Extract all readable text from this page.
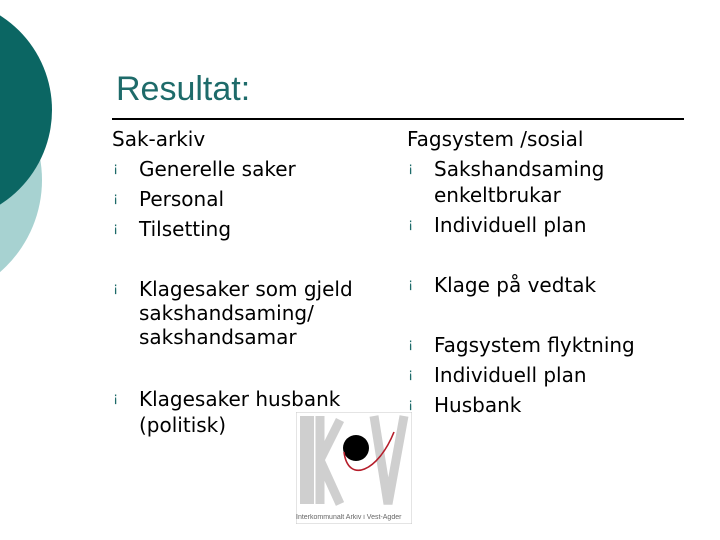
Resultat:
Sak-arkiv
¡ Generelle saker
¡ Personal
¡ Tilsetting
¡ Klagesaker som gjeld
sakshandsaming/
sakshandsamar
¡ Klagesaker husbank
(politisk)
Fagsystem /sosial
¡ Sakshandsaming
enkeltbrukar
¡ Individuell plan
¡ Klage på vedtak
¡ Fagsystem flyktning
¡ Individuell plan
¡ Husbank
Interkommunalt Arkiv i Vest-Agder
